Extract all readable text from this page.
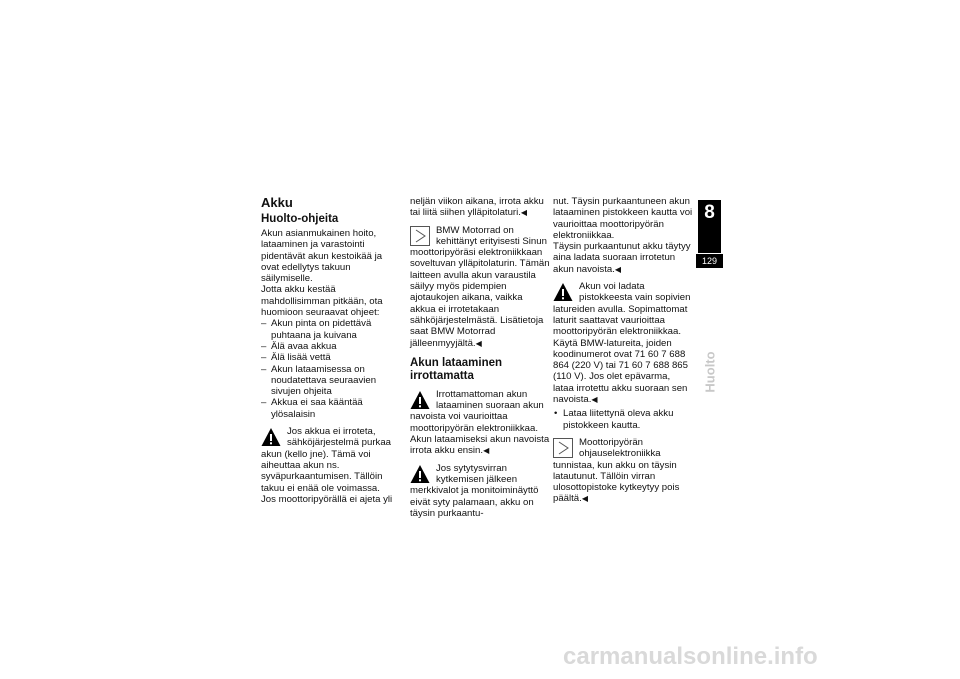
Akku
Huolto-ohjeita

Akun asianmukainen hoito, lataaminen ja varastointi pidentävät akun kestoikää ja ovat edellytys takuun säilymiselle.

Jotta akku kestää mahdollisimman pitkään, ota huomioon seuraavat ohjeet:

– Akun pinta on pidettävä puhtaana ja kuivana
– Älä avaa akkua
– Älä lisää vettä
– Akun lataamisessa on noudatettava seuraavien sivujen ohjeita
– Akkua ei saa kääntää ylösalaisin
Jos akkua ei irroteta, sähköjärjestelmä purkaa akun (kello jne). Tämä voi aiheuttaa akun ns. syväpurkaantumisen. Tällöin takuu ei enää ole voimassa.

Jos moottoripyörällä ei ajeta yli

neljän viikon aikana, irrota akku tai liitä siihen ylläpitolaturi.◀

BMW Motorrad on kehittänyt erityisesti Sinun moottoripyöräsi elektroniikkaan soveltuvan ylläpitolaturin. Tämän laitteen avulla akun varaustila säilyy myös pidempien ajotaukojen aikana, vaikka akkua ei irrotetakaan sähköjärjestelmästä. Lisätietoja saat BMW Motorrad jälleenmyyjältä.◀
Akun lataaminen irrottamatta
Irrottamattoman akun lataaminen suoraan akun navoista voi vaurioittaa moottoripyörän elektroniikkaa.

Akun lataamiseksi akun navoista irrota akku ensin.◀

Jos sytytysvirran kytkemisen jälkeen merkkivalot ja monitoiminäyttö eivät syty palamaan, akku on täysin purkaantu-

nut. Täysin purkaantuneen akun lataaminen pistokkeen kautta voi vaurioittaa moottoripyörän elektroniikkaa.

Täysin purkaantunut akku täytyy aina ladata suoraan irrotetun akun navoista.◀

Akun voi ladata pistokkeesta vain sopivien latureiden avulla. Sopimattomat laturit saattavat vaurioittaa moottoripyörän elektroniikkaa.

Käytä BMW-latureita, joiden koodinumerot ovat 71 60 7 688 864 (220 V) tai 71 60 7 688 865 (110 V). Jos olet epävarma, lataa irrotettu akku suoraan sen navoista.◀

• Lataa liitettynä oleva akku pistokkeen kautta.
Moottoripyörän ohjauselektroniikka tunnistaa, kun akku on täysin latautunut. Tällöin virran ulosottopistoke kytkeytyy pois päältä.◀
8
129
Huolto
carmanualsonline.info
